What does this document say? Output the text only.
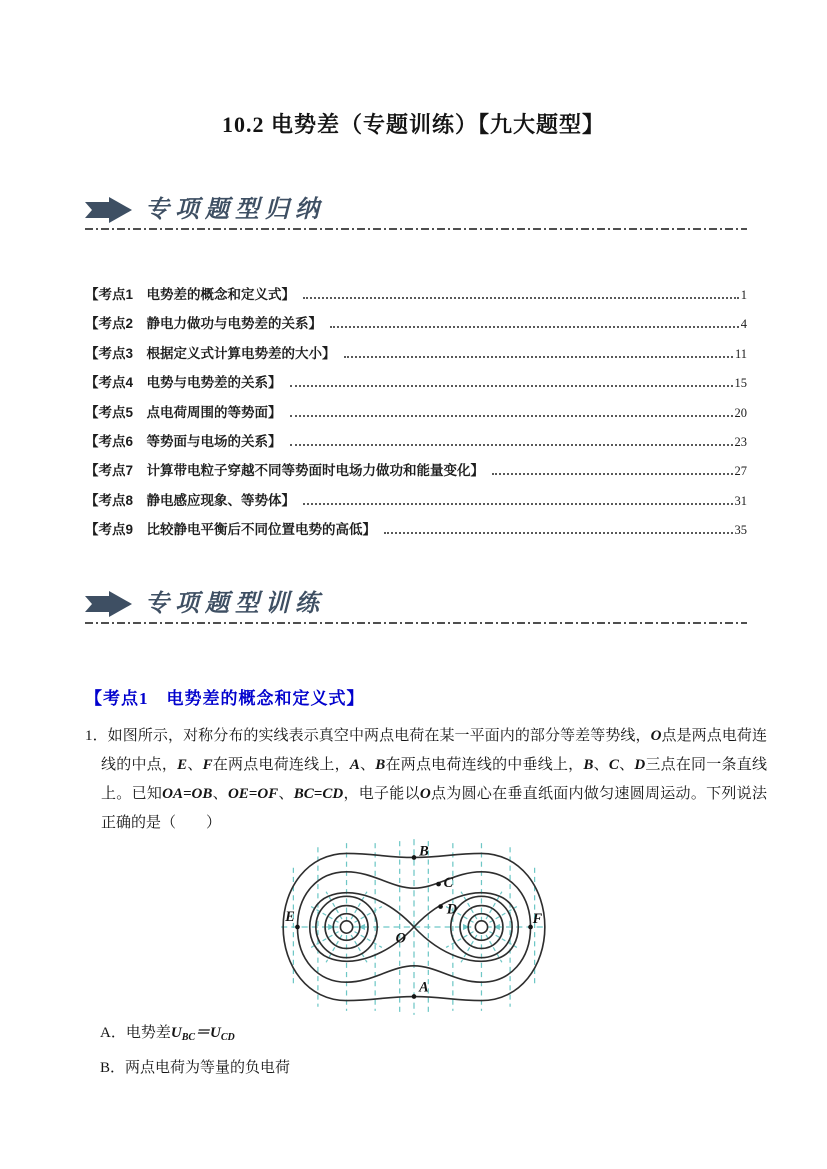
10.2 电势差（专题训练）【九大题型】
专项题型归纳
【考点1　电势差的概念和定义式】	1
【考点2　静电力做功与电势差的关系】	4
【考点3　根据定义式计算电势差的大小】	11
【考点4　电势与电势差的关系】	15
【考点5　点电荷周围的等势面】	20
【考点6　等势面与电场的关系】	23
【考点7　计算带电粒子穿越不同等势面时电场力做功和能量变化】	27
【考点8　静电感应现象、等势体】	31
【考点9　比较静电平衡后不同位置电势的高低】	35
专项题型训练
【考点1　电势差的概念和定义式】
1．如图所示，对称分布的实线表示真空中两点电荷在某一平面内的部分等差等势线，O点是两点电荷连线的中点，E、F在两点电荷连线上，A、B在两点电荷连线的中垂线上，B、C、D三点在同一条直线上。已知OA=OB、OE=OF、BC=CD，电子能以O点为圆心在垂直纸面内做匀速圆周运动。下列说法正确的是（　　）
E	F
O
B
C
D
A
A．电势差$U_{BC}=U_{CD}$
B．两点电荷为等量的负电荷
